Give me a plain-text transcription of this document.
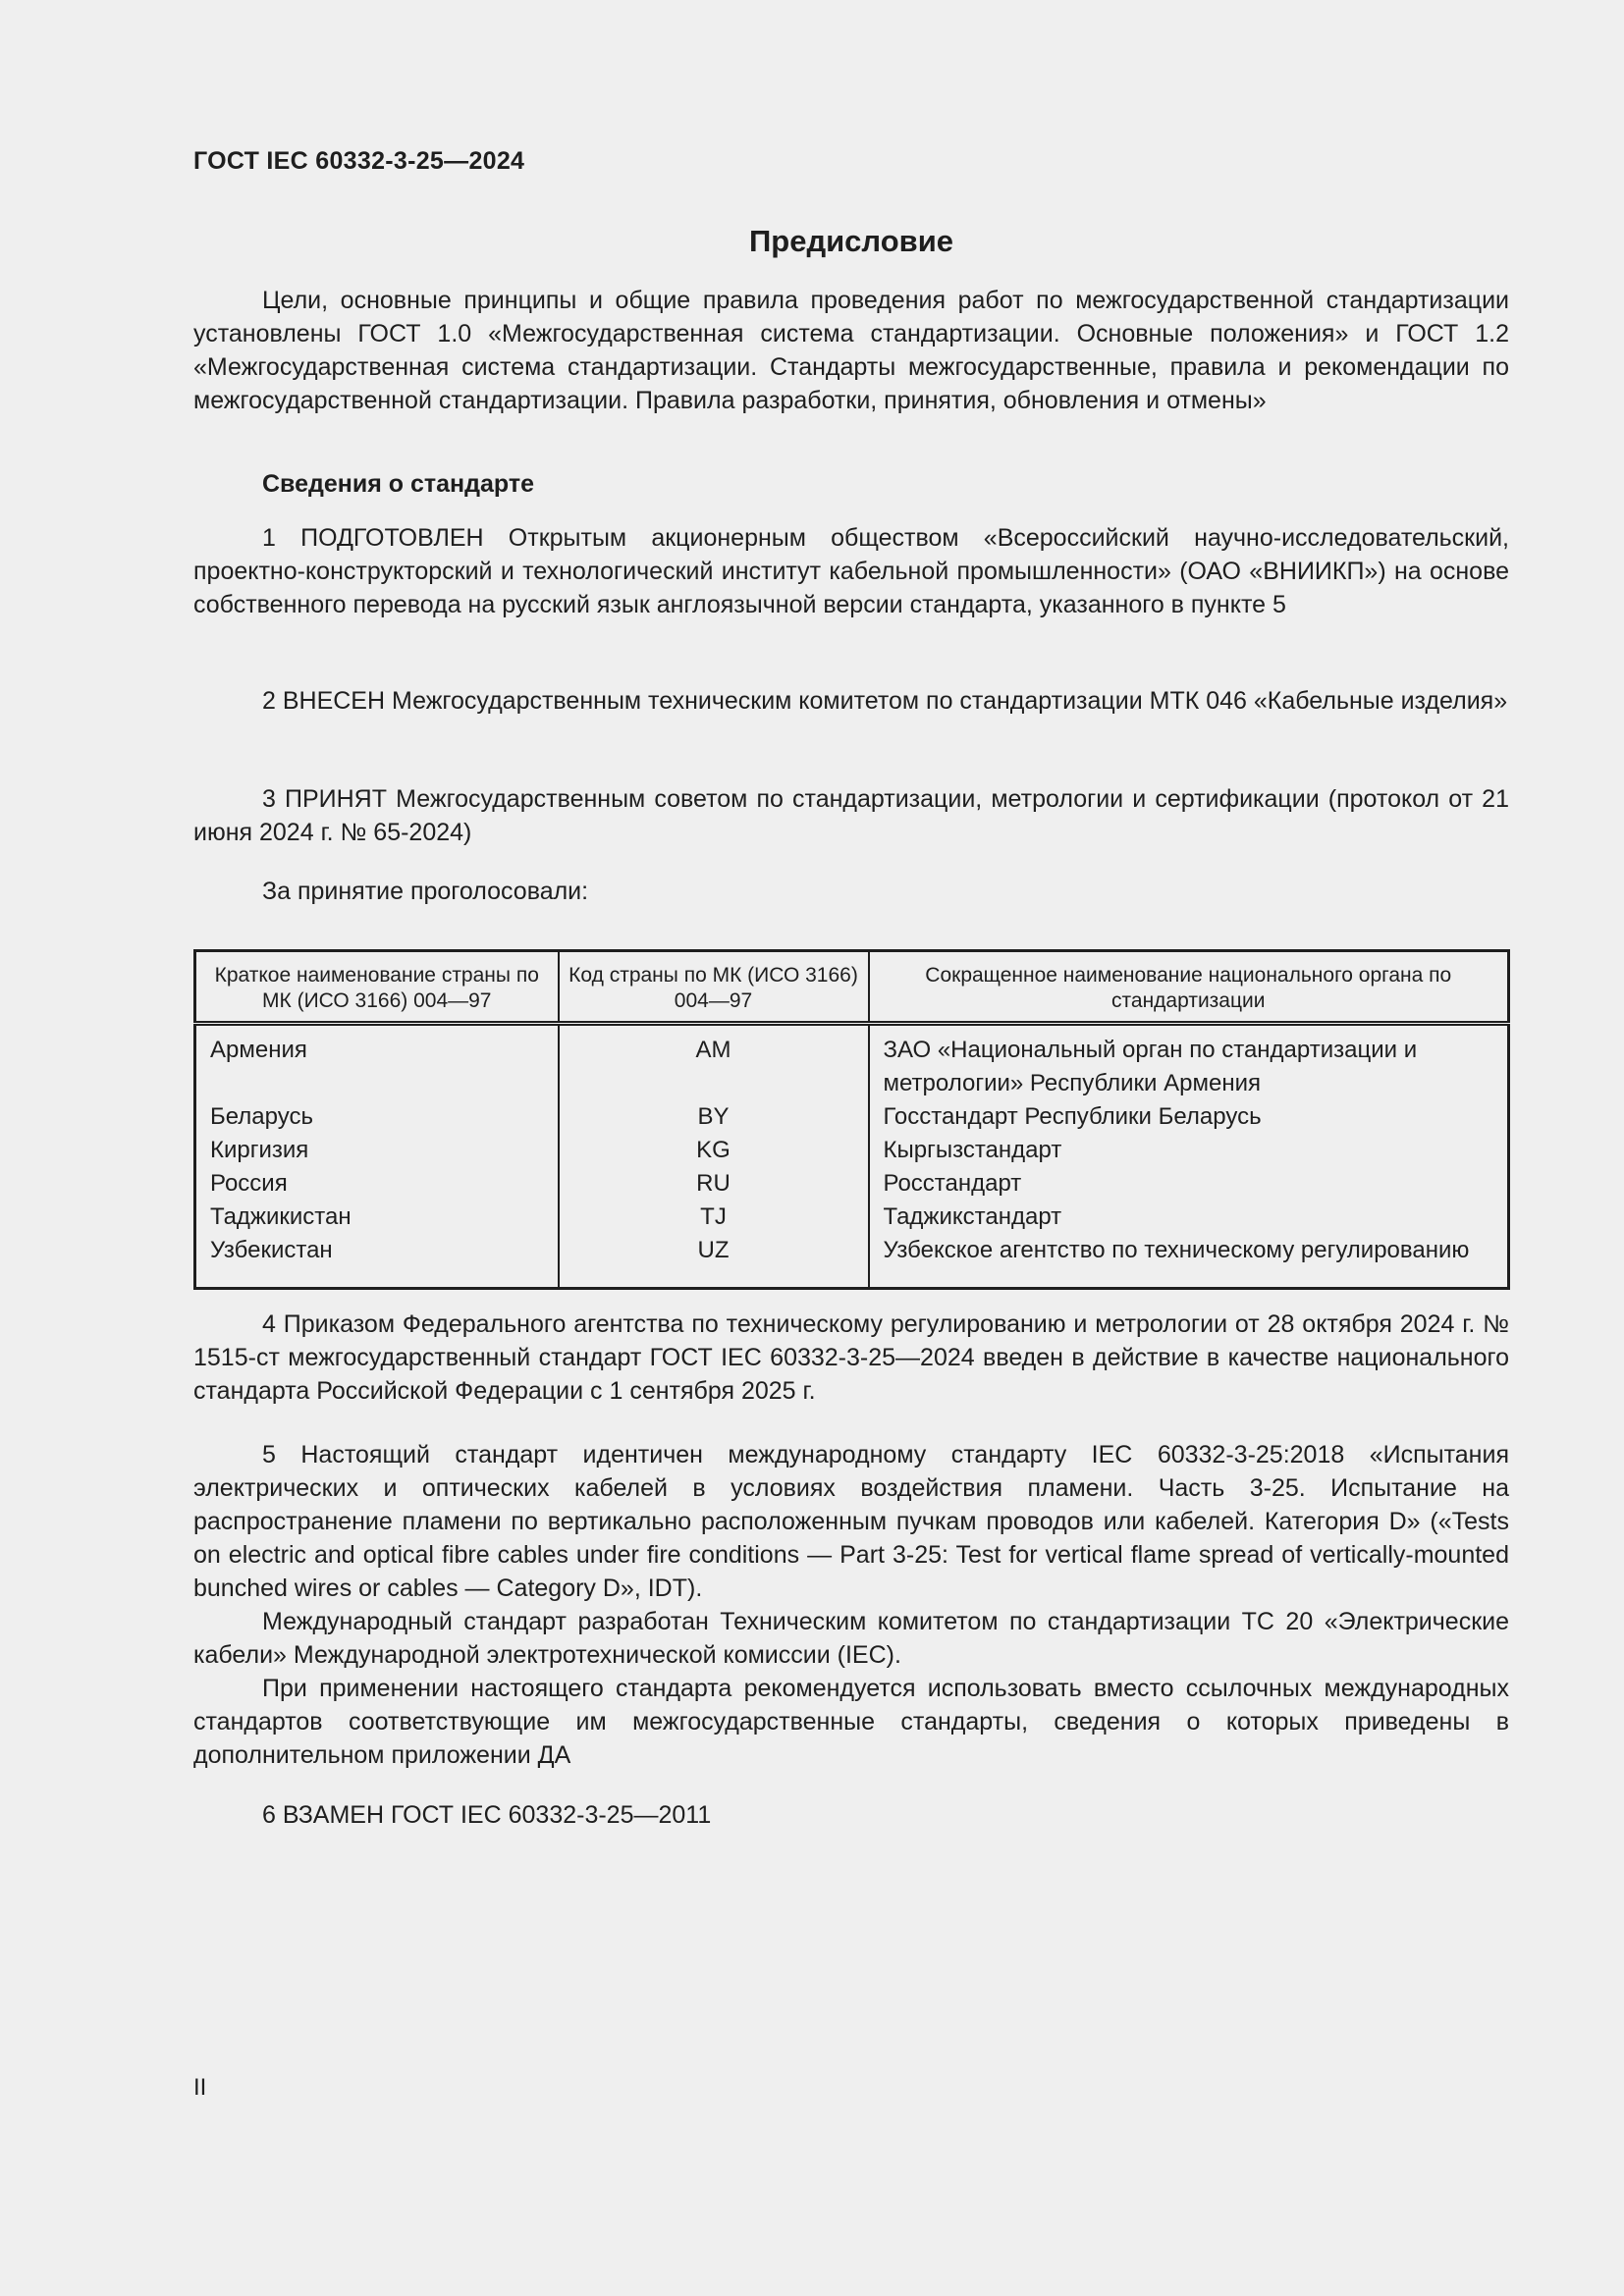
ГОСТ IEC 60332-3-25—2024
Предисловие

Цели, основные принципы и общие правила проведения работ по межгосударственной стандартизации установлены ГОСТ 1.0 «Межгосударственная система стандартизации. Основные положения» и ГОСТ 1.2 «Межгосударственная система стандартизации. Стандарты межгосударственные, правила и рекомендации по межгосударственной стандартизации. Правила разработки, принятия, обновления и отмены»

Сведения о стандарте

1 ПОДГОТОВЛЕН Открытым акционерным обществом «Всероссийский научно-исследовательский, проектно-конструкторский и технологический институт кабельной промышленности» (ОАО «ВНИИКП») на основе собственного перевода на русский язык англоязычной версии стандарта, указанного в пункте 5

2 ВНЕСЕН Межгосударственным техническим комитетом по стандартизации МТК 046 «Кабельные изделия»

3 ПРИНЯТ Межгосударственным советом по стандартизации, метрологии и сертификации (протокол от 21 июня 2024 г. № 65-2024)

За принятие проголосовали:
Краткое наименование страны по МК (ИСО 3166) 004—97	Код страны по МК (ИСО 3166) 004—97	Сокращенное наименование национального органа по стандартизации
Армения	AM	ЗАО «Национальный орган по стандартизации и метрологии» Республики Армения
Беларусь	BY	Госстандарт Республики Беларусь
Киргизия	KG	Кыргызстандарт
Россия	RU	Росстандарт
Таджикистан	TJ	Таджикстандарт
Узбекистан	UZ	Узбекское агентство по техническому регулированию

4 Приказом Федерального агентства по техническому регулированию и метрологии от 28 октября 2024 г. № 1515-ст межгосударственный стандарт ГОСТ IEC 60332-3-25—2024 введен в действие в качестве национального стандарта Российской Федерации с 1 сентября 2025 г.

5 Настоящий стандарт идентичен международному стандарту IEC 60332-3-25:2018 «Испытания электрических и оптических кабелей в условиях воздействия пламени. Часть 3-25. Испытание на распространение пламени по вертикально расположенным пучкам проводов или кабелей. Категория D» («Tests on electric and optical fibre cables under fire conditions — Part 3-25: Test for vertical flame spread of vertically-mounted bunched wires or cables — Category D», IDT).

Международный стандарт разработан Техническим комитетом по стандартизации TC 20 «Электрические кабели» Международной электротехнической комиссии (IEC).

При применении настоящего стандарта рекомендуется использовать вместо ссылочных международных стандартов соответствующие им межгосударственные стандарты, сведения о которых приведены в дополнительном приложении ДА

6 ВЗАМЕН ГОСТ IEC 60332-3-25—2011

II
